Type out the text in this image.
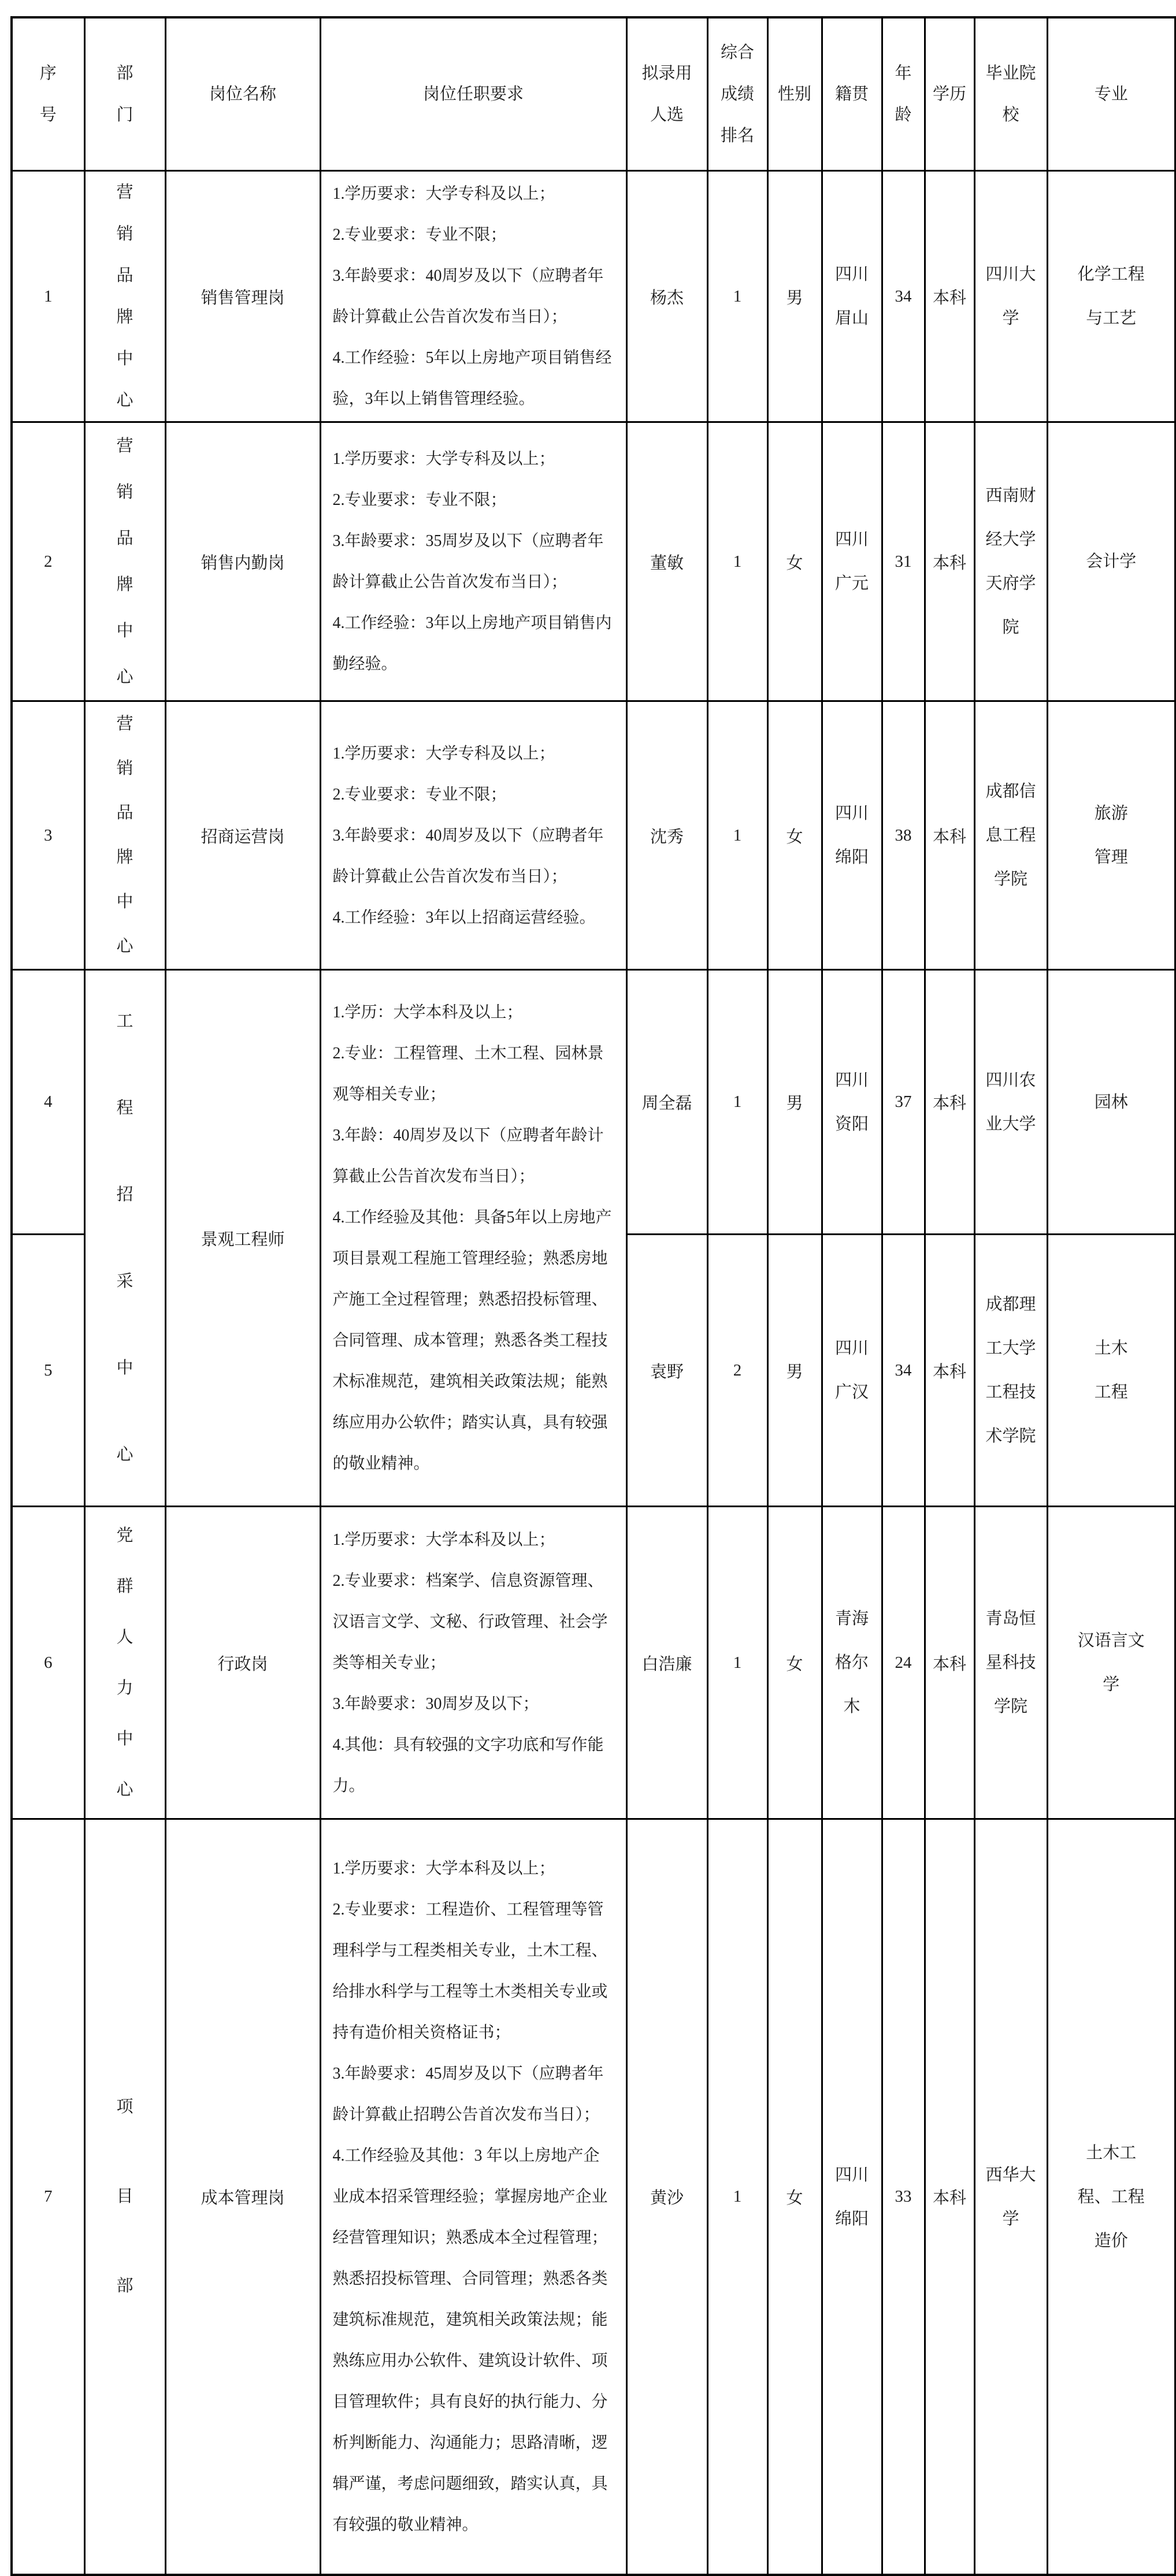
序
号	部
门	岗位名称	岗位任职要求	拟录用
人选	综合
成绩
排名	性别	籍贯	年
龄	学历	毕业院
校	专业
1	营
销
品
牌
中
心	销售管理岗	1.学历要求：大学专科及以上；
2.专业要求：专业不限；
3.年龄要求：40周岁及以下（应聘者年
龄计算截止公告首次发布当日）；
4.工作经验：5年以上房地产项目销售经
验，3年以上销售管理经验。	杨杰	1	男	四川
眉山	34	本科	四川大
学	化学工程
与工艺
2	营
销
品
牌
中
心	销售内勤岗	1.学历要求：大学专科及以上；
2.专业要求：专业不限；
3.年龄要求：35周岁及以下（应聘者年
龄计算截止公告首次发布当日）；
4.工作经验：3年以上房地产项目销售内
勤经验。	董敏	1	女	四川
广元	31	本科	西南财
经大学
天府学
院	会计学
3	营
销
品
牌
中
心	招商运营岗	1.学历要求：大学专科及以上；
2.专业要求：专业不限；
3.年龄要求：40周岁及以下（应聘者年
龄计算截止公告首次发布当日）；
4.工作经验：3年以上招商运营经验。	沈秀	1	女	四川
绵阳	38	本科	成都信
息工程
学院	旅游
管理
4	工
程
招
采
中
心	景观工程师	1.学历：大学本科及以上；
2.专业：工程管理、土木工程、园林景
观等相关专业；
3.年龄：40周岁及以下（应聘者年龄计
算截止公告首次发布当日）；
4.工作经验及其他：具备5年以上房地产
项目景观工程施工管理经验；熟悉房地
产施工全过程管理；熟悉招投标管理、
合同管理、成本管理；熟悉各类工程技
术标准规范，建筑相关政策法规；能熟
练应用办公软件；踏实认真，具有较强
的敬业精神。	周全磊	1	男	四川
资阳	37	本科	四川农
业大学	园林
5				袁野	2	男	四川
广汉	34	本科	成都理
工大学
工程技
术学院	土木
工程
6	党
群
人
力
中
心	行政岗	1.学历要求：大学本科及以上；
2.专业要求：档案学、信息资源管理、
汉语言文学、文秘、行政管理、社会学
类等相关专业；
3.年龄要求：30周岁及以下；
4.其他：具有较强的文字功底和写作能
力。	白浩廉	1	女	青海
格尔
木	24	本科	青岛恒
星科技
学院	汉语言文
学
7	项
目
部	成本管理岗	1.学历要求：大学本科及以上；
2.专业要求：工程造价、工程管理等管
理科学与工程类相关专业，土木工程、
给排水科学与工程等土木类相关专业或
持有造价相关资格证书；
3.年龄要求：45周岁及以下（应聘者年
龄计算截止招聘公告首次发布当日）；
4.工作经验及其他：3 年以上房地产企
业成本招采管理经验；掌握房地产企业
经营管理知识；熟悉成本全过程管理；
熟悉招投标管理、合同管理；熟悉各类
建筑标准规范，建筑相关政策法规；能
熟练应用办公软件、建筑设计软件、项
目管理软件；具有良好的执行能力、分
析判断能力、沟通能力；思路清晰，逻
辑严谨，考虑问题细致，踏实认真，具
有较强的敬业精神。	黄沙	1	女	四川
绵阳	33	本科	西华大
学	土木工
程、工程
造价
